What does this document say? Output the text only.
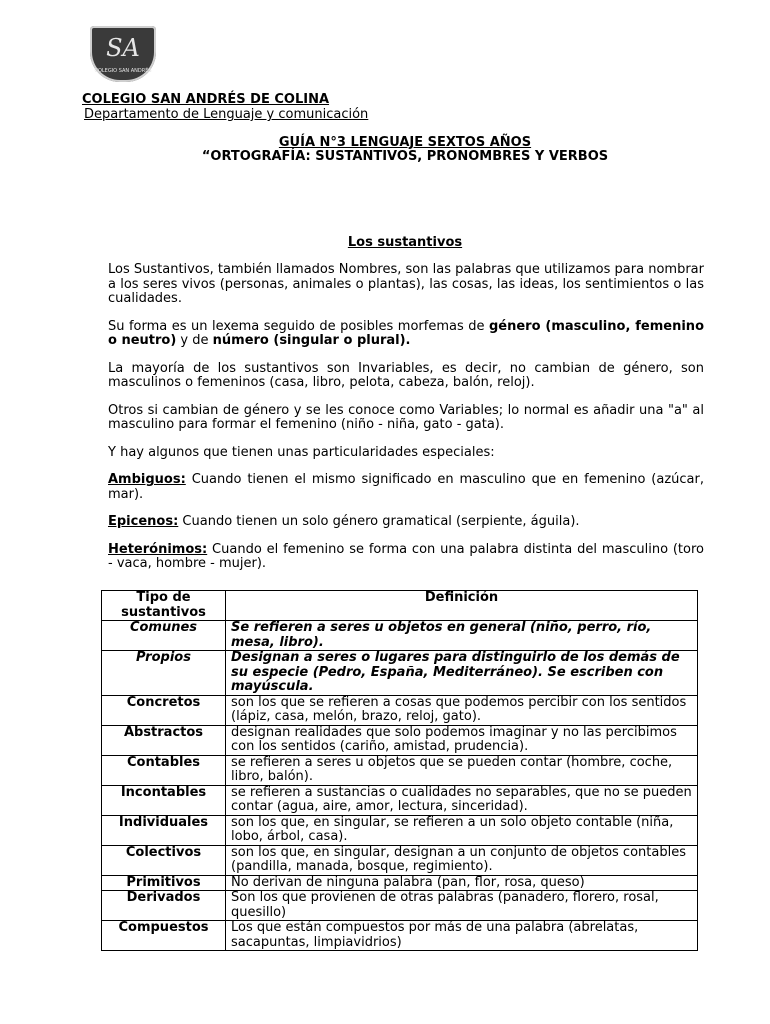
SA
COLEGIO SAN ANDRÉS
COLEGIO SAN ANDRÉS DE COLINA
Departamento de Lenguaje y comunicación
GUÍA N°3 LENGUAJE SEXTOS AÑOS
“ORTOGRAFÍA: SUSTANTIVOS, PRONOMBRES Y VERBOS
Los sustantivos

Los Sustantivos, también llamados Nombres, son las palabras que utilizamos para nombrar a los seres vivos (personas, animales o plantas), las cosas, las ideas, los sentimientos o las cualidades.

Su forma es un lexema seguido de posibles morfemas de género (masculino, femenino o neutro) y de número (singular o plural).

La mayoría de los sustantivos son Invariables, es decir, no cambian de género, son masculinos o femeninos (casa, libro, pelota, cabeza, balón, reloj).

Otros si cambian de género y se les conoce como Variables; lo normal es añadir una "a" al masculino para formar el femenino (niño - niña, gato - gata).

Y hay algunos que tienen unas particularidades especiales:

Ambiguos: Cuando tienen el mismo significado en masculino que en femenino (azúcar, mar).

Epicenos: Cuando tienen un solo género gramatical (serpiente, águila).

Heterónimos: Cuando el femenino se forma con una palabra distinta del masculino (toro - vaca, hombre - mujer).

Tipo de sustantivos	Definición
Comunes	Se refieren a seres u objetos en general (niño, perro, río, mesa, libro).
Propios	Designan a seres o lugares para distinguirlo de los demás de su especie (Pedro, España, Mediterráneo). Se escriben con mayúscula.
Concretos	son los que se refieren a cosas que podemos percibir con los sentidos (lápiz, casa, melón, brazo, reloj, gato).
Abstractos	designan realidades que solo podemos imaginar y no las percibimos con los sentidos (cariño, amistad, prudencia).
Contables	se refieren a seres u objetos que se pueden contar (hombre, coche, libro, balón).
Incontables	se refieren a sustancias o cualidades no separables, que no se pueden contar (agua, aire, amor, lectura, sinceridad).
Individuales	son los que, en singular, se refieren a un solo objeto contable (niña, lobo, árbol, casa).
Colectivos	son los que, en singular, designan a un conjunto de objetos contables (pandilla, manada, bosque, regimiento).
Primitivos	No derivan de ninguna palabra (pan, flor, rosa, queso)
Derivados	Son los que provienen de otras palabras (panadero, florero, rosal, quesillo)
Compuestos	Los que están compuestos por más de una palabra (abrelatas, sacapuntas, limpiavidrios)
